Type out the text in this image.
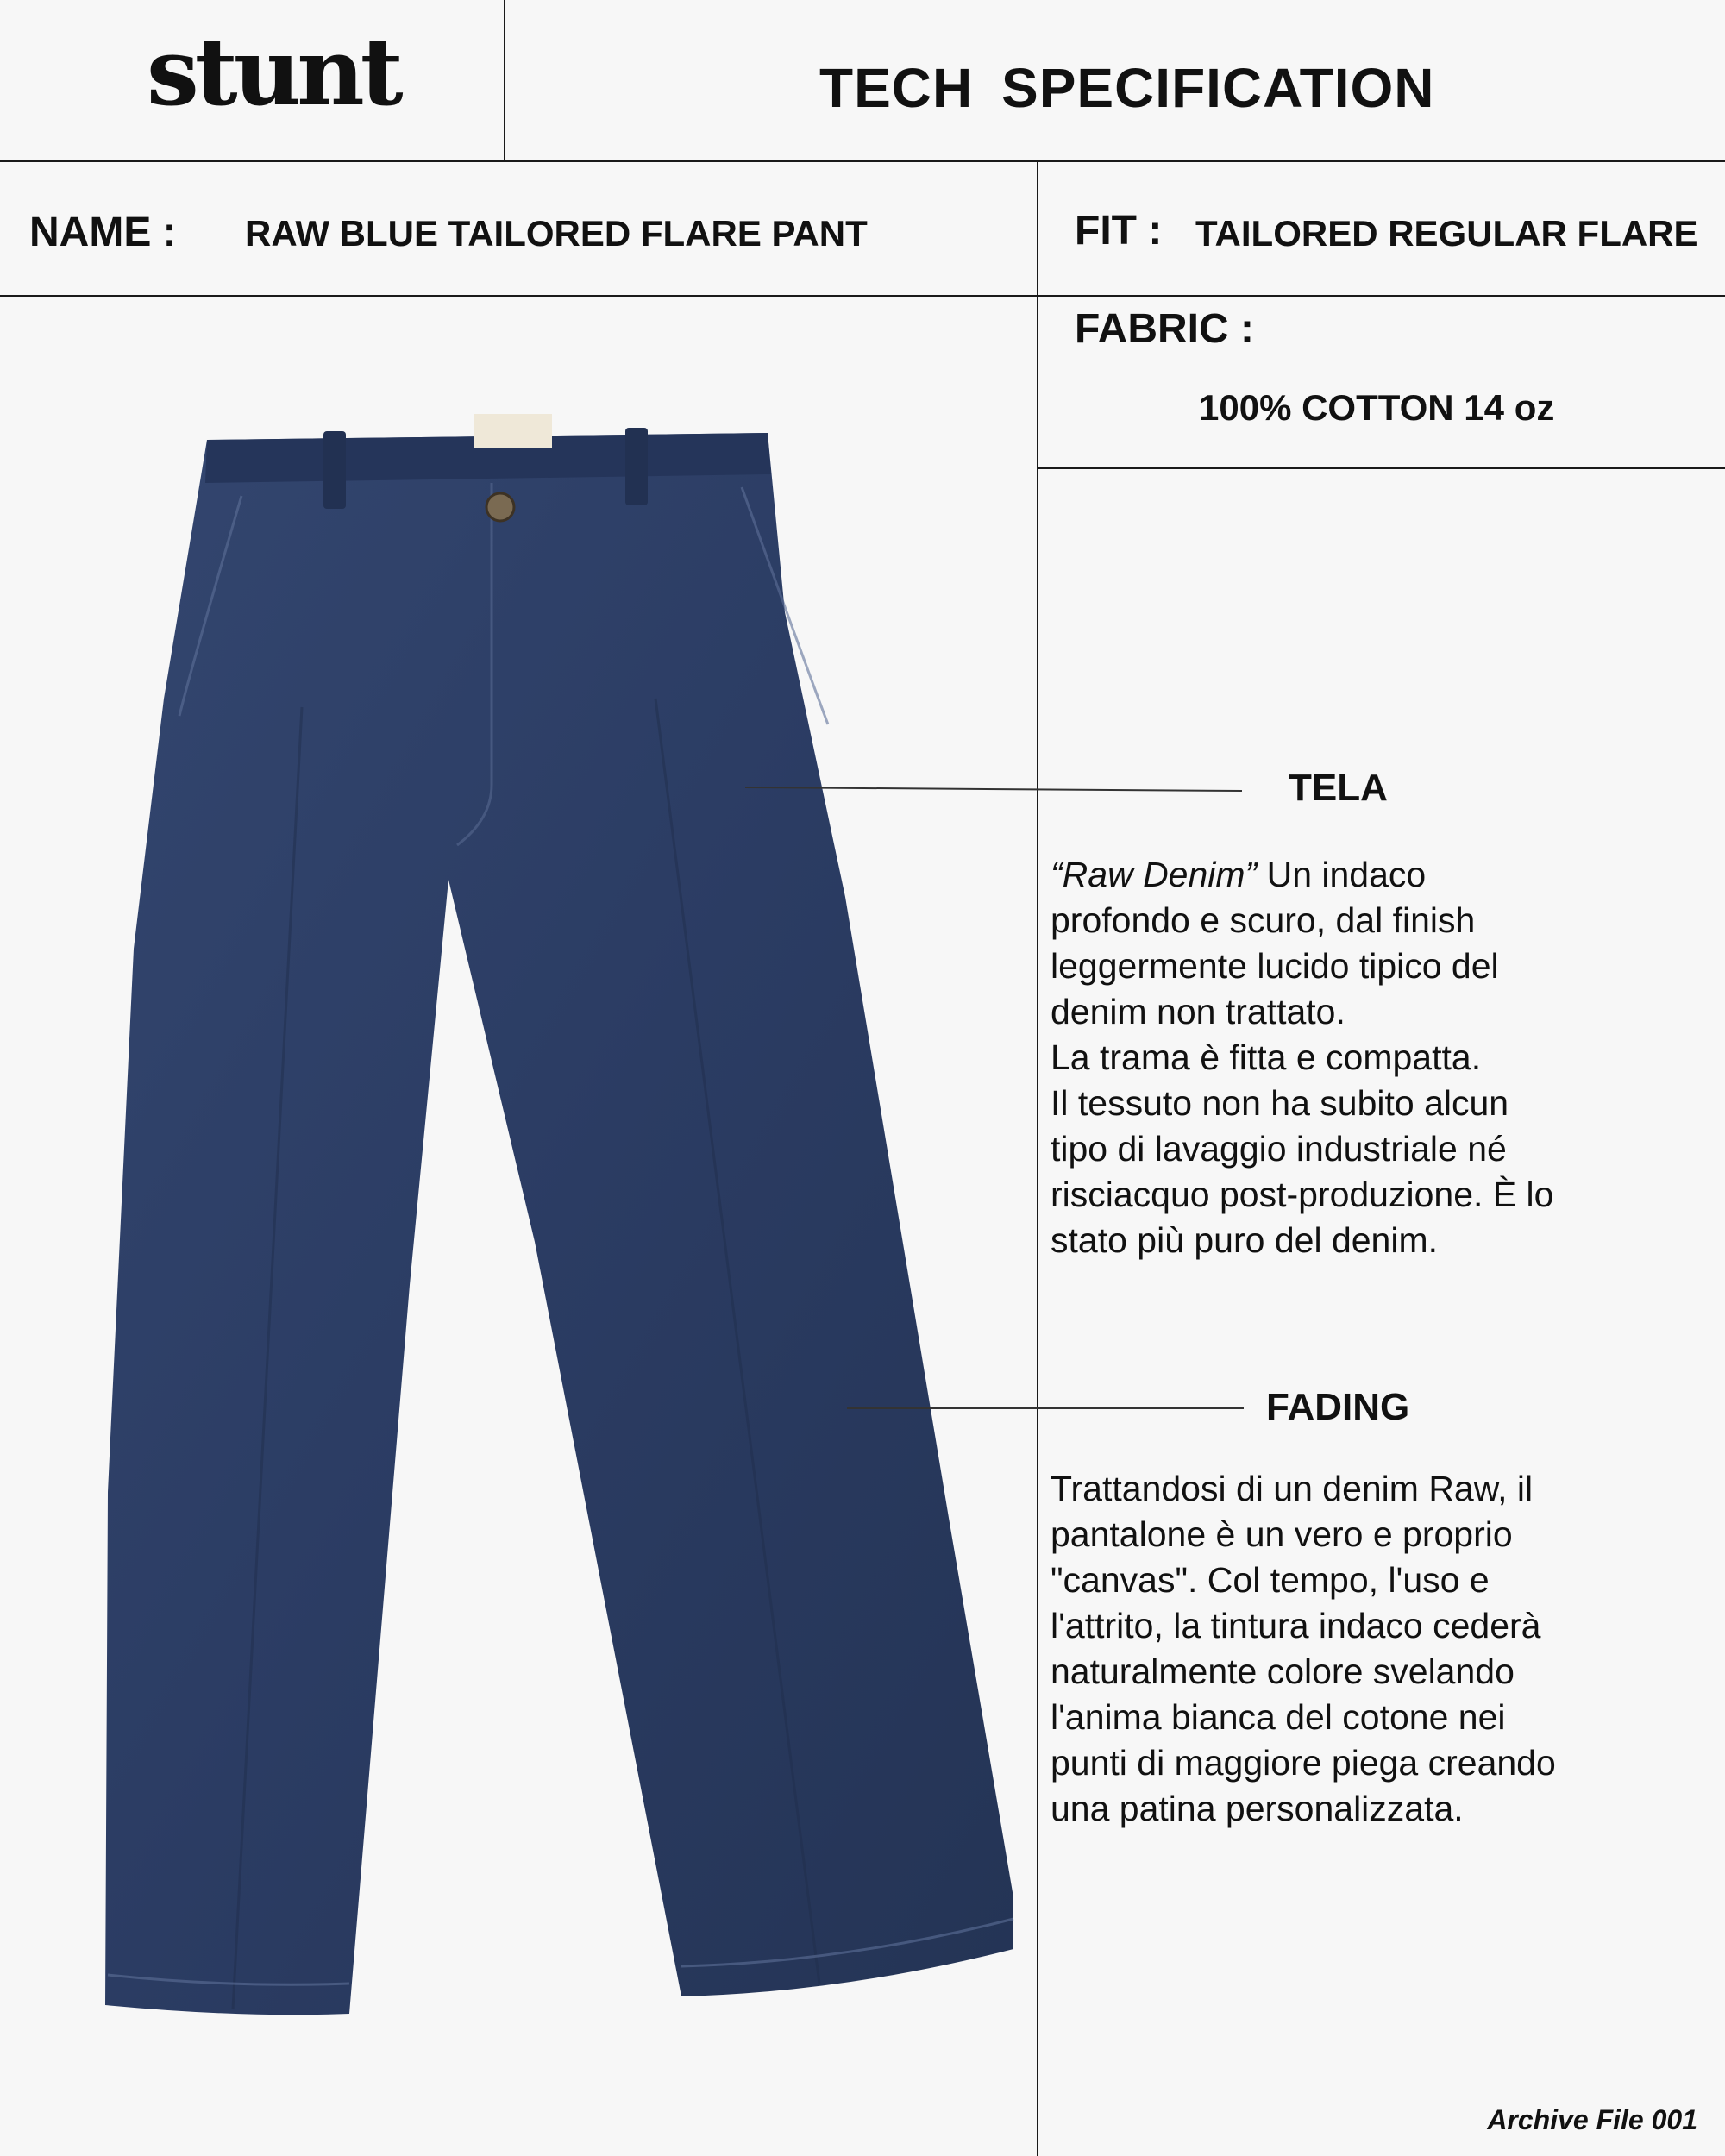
stunt	TECH SPECIFICATION
NAME : RAW BLUE TAILORED FLARE PANT	FIT : TAILORED REGULAR FLARE
FABRIC :
100% COTTON 14 oz
TELA
“Raw Denim” Un indaco
profondo e scuro, dal finish
leggermente lucido tipico del
denim non trattato.
La trama è fitta e compatta.
Il tessuto non ha subito alcun
tipo di lavaggio industriale né
risciacquo post-produzione. È lo
stato più puro del denim.
FADING
Trattandosi di un denim Raw, il
pantalone è un vero e proprio
"canvas". Col tempo, l'uso e
l'attrito, la tintura indaco cederà
naturalmente colore svelando
l'anima bianca del cotone nei
punti di maggiore piega creando
una patina personalizzata.
Archive File 001
